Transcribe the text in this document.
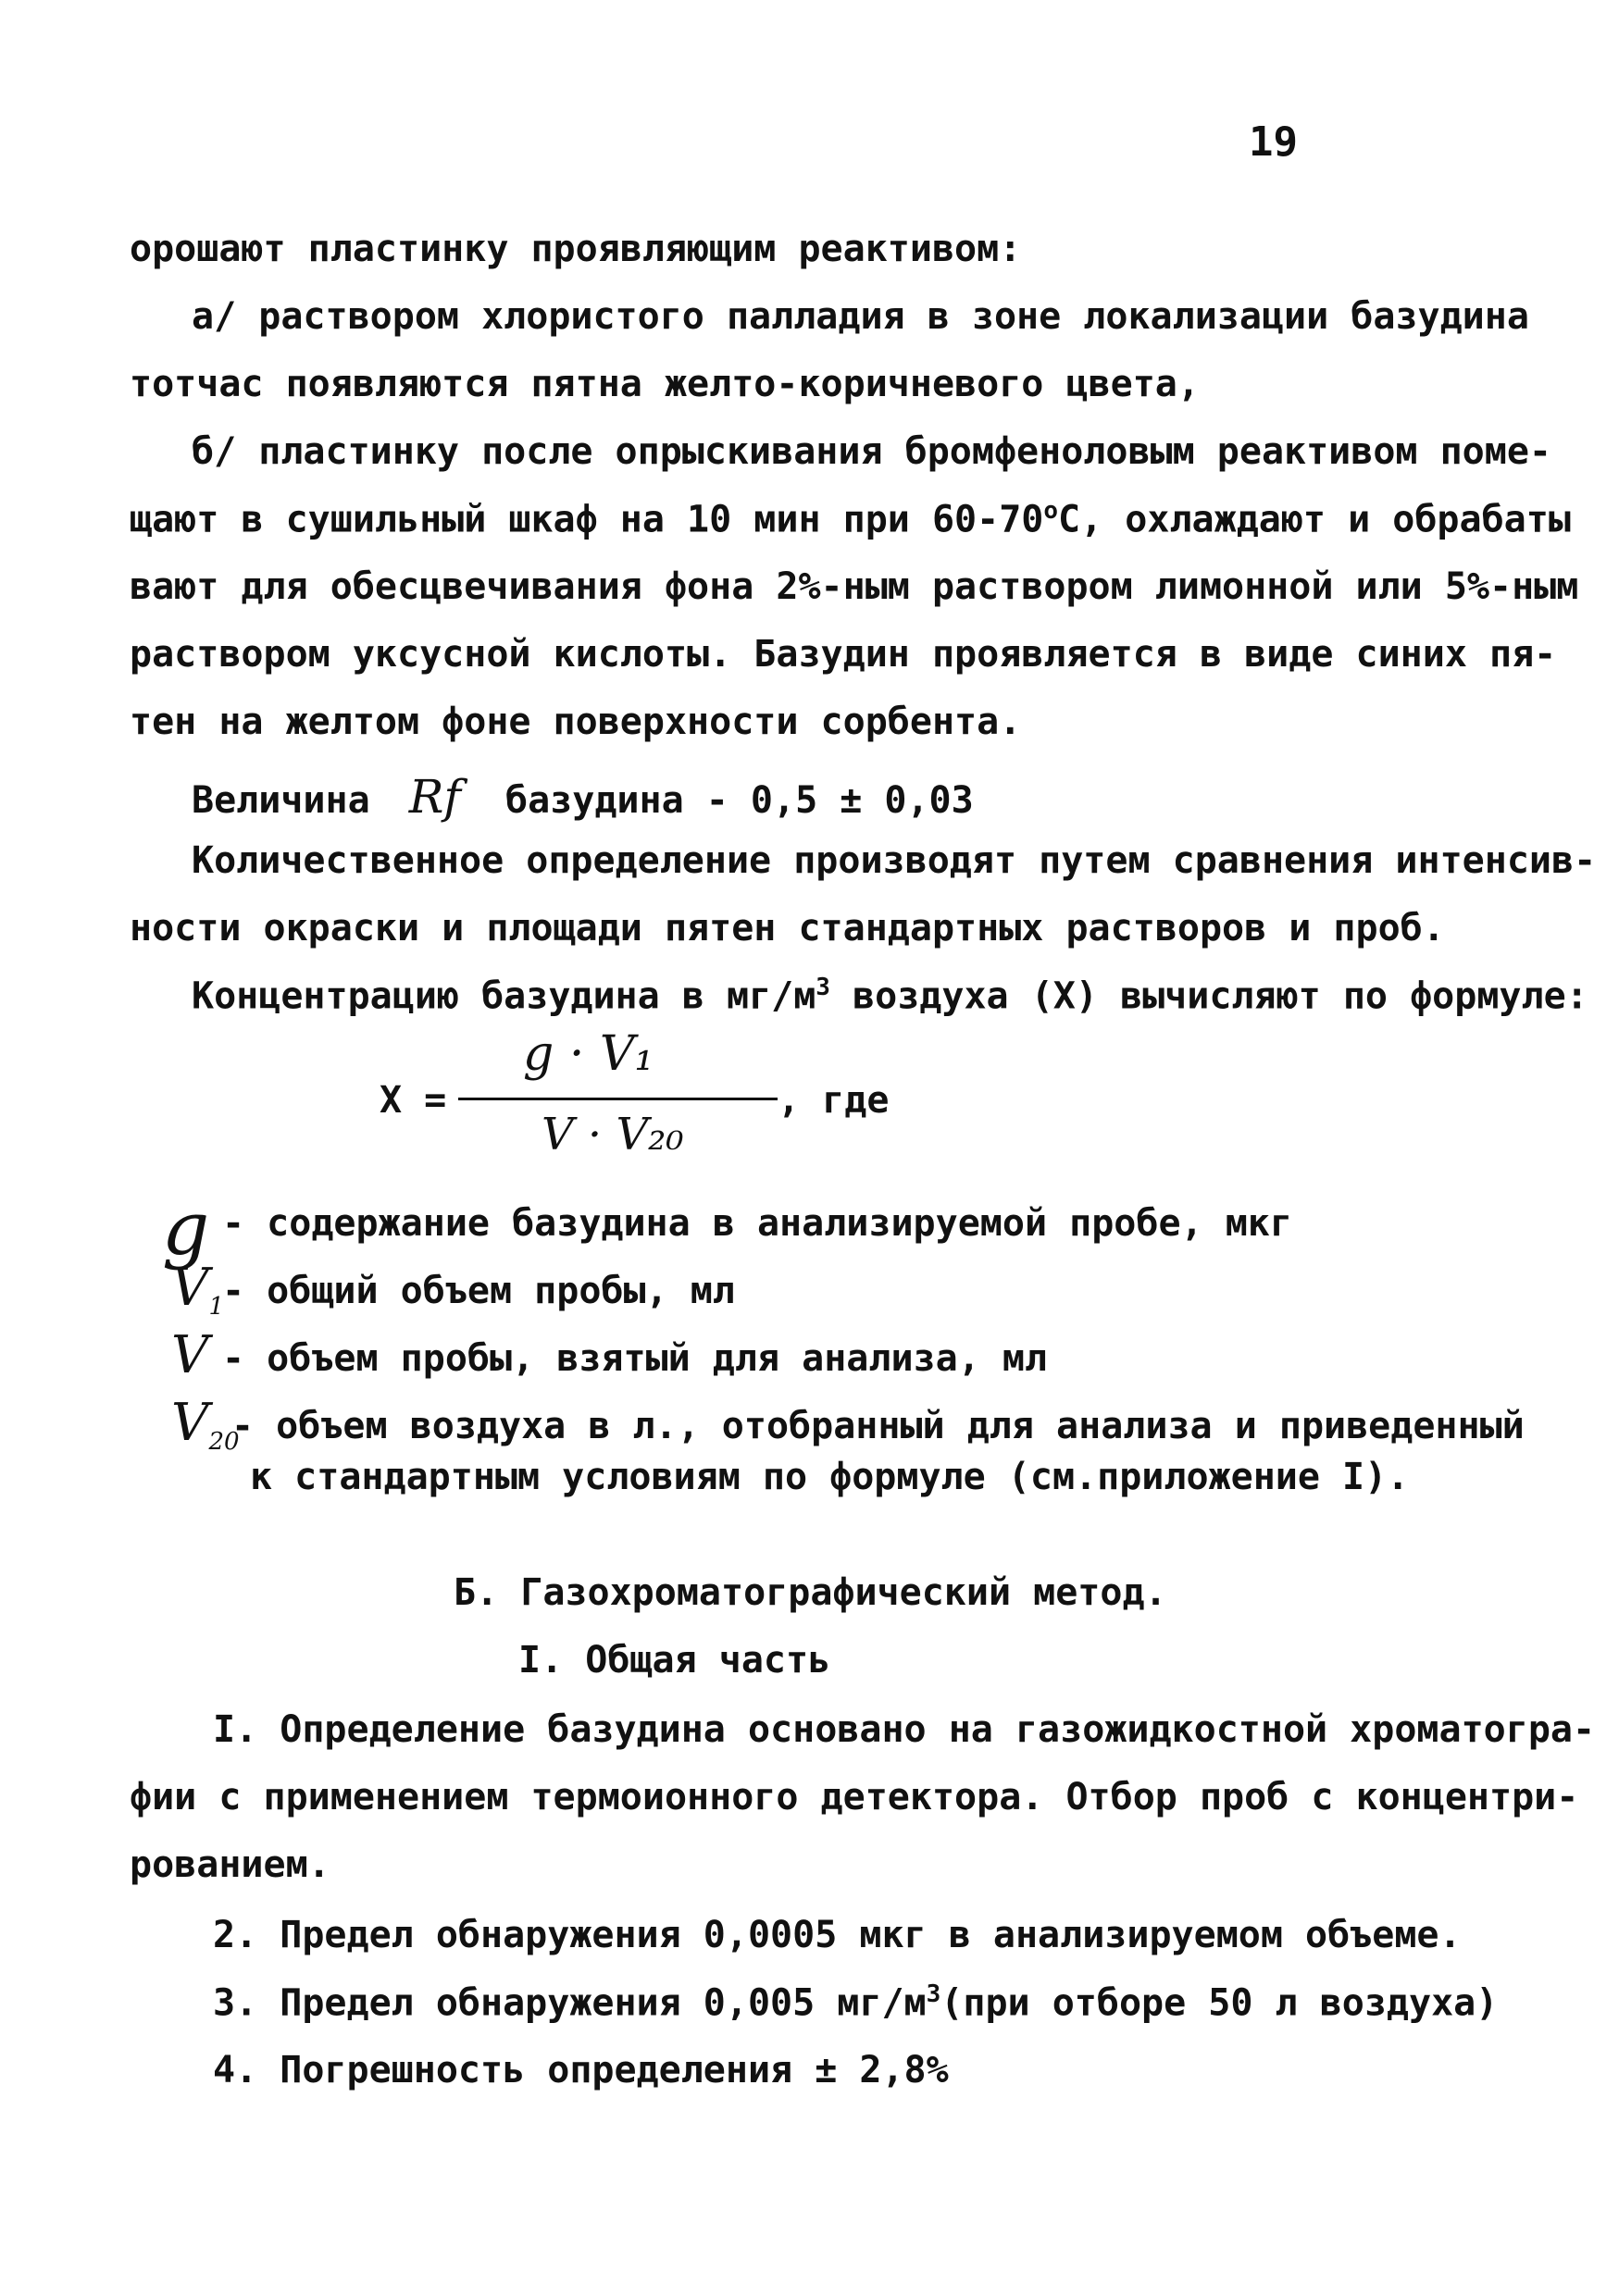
19
орошают пластинку проявляющим реактивом:
а/ раствором хлористого палладия в зоне локализации базудина
тотчас появляются пятна желто-коричневого цвета,
б/ пластинку после опрыскивания бромфеноловым реактивом поме-
щают в сушильный шкаф на 10 мин при $60-70^оС$, охлаждают и обрабаты
вают для обесцвечивания фона 2%-ным раствором лимонной или 5%-ным
раствором уксусной кислоты. Базудин проявляется в виде синих пя-
тен на желтом фоне поверхности сорбента.
Величина Rf базудина - 0,5 ± 0,03
Количественное определение производят путем сравнения интенсив-
ности окраски и площади пятен стандартных растворов и проб.
Концентрацию базудина в $мг/м^3$ воздуха (X) вычисляют по формуле:
X =
g · V₁
V · V₂₀
, где
g - содержание базудина в анализируемой пробе, мкг
$V_1$
- общий объем пробы, мл
V - объем пробы, взятый для анализа, мл
$V_{20}$
- объем воздуха в л., отобранный для анализа и приведенный
к стандартным условиям по формуле (см.приложение I).
Б. Газохроматографический метод.
I. Общая часть
I. Определение базудина основано на газожидкостной хроматогра-
фии с применением термоионного детектора. Отбор проб с концентри-
рованием.
2. Предел обнаружения 0,0005 мкг в анализируемом объеме.
3. Предел обнаружения 0,005 $мг/м^3(при$ отборе 50 л воздуха)
4. Погрешность определения ± 2,8%
